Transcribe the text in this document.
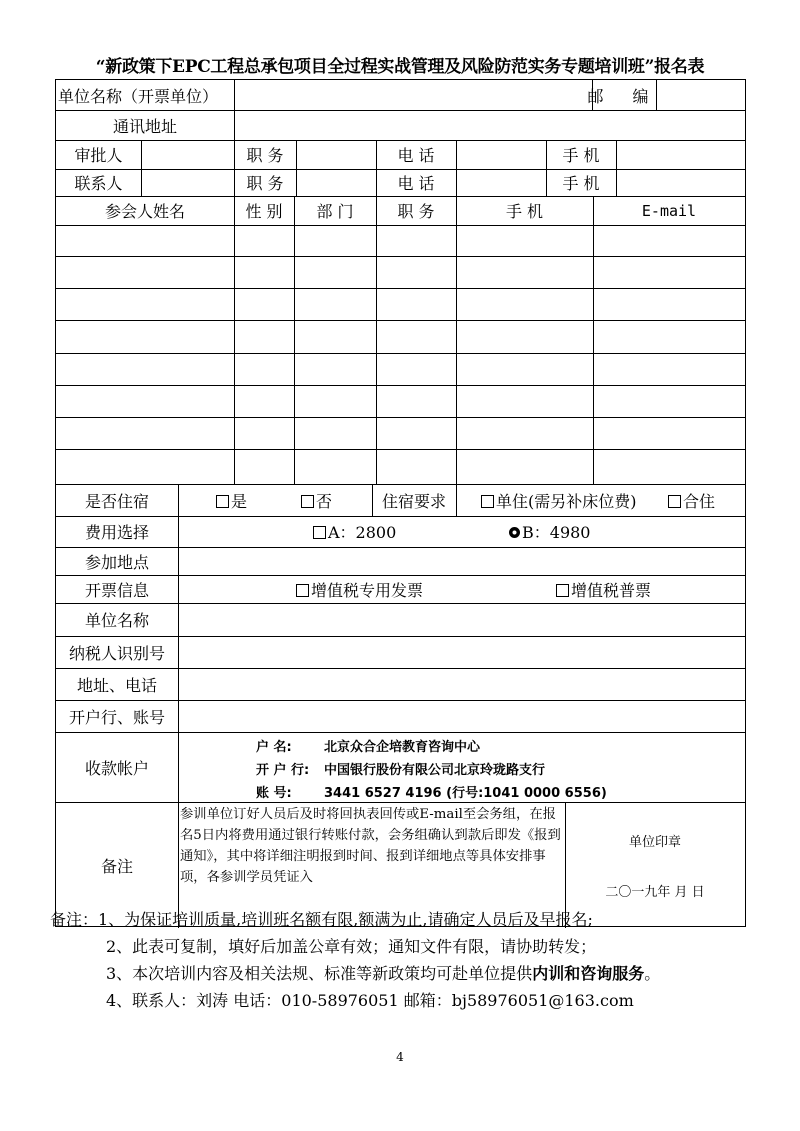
“新政策下EPC工程总承包项目全过程实战管理及风险防范实务专题培训班”报名表
单位名称（开票单位）	邮 编
通讯地址
审批人	职 务	电 话	手 机
联系人	职 务	电 话	手 机
参会人姓名	性 别	部 门	职 务	手 机	E-mail
是否住宿	是	否	住宿要求	单住(需另补床位费)	合住
费用选择	A：2800	B：4980
参加地点
开票信息	增值税专用发票	增值税普票
单位名称
纳税人识别号
地址、电话
开户行、账号
收款帐户
户 名: 北京众合企培教育咨询中心
开 户 行: 中国银行股份有限公司北京玲珑路支行
账 号: 3441 6527 4196 (行号:1041 0000 6556)
备注
参训单位订好人员后及时将回执表回传或E-mail至会务组，在报名5日内将费用通过银行转账付款，会务组确认到款后即发《报到通知》，其中将详细注明报到时间、报到详细地点等具体安排事项，各参训学员凭证入
单位印章
二〇一九年 月 日
备注：1、为保证培训质量,培训班名额有限,额满为止,请确定人员后及早报名;
2、此表可复制，填好后加盖公章有效；通知文件有限，请协助转发；
3、本次培训内容及相关法规、标准等新政策均可赴单位提供内训和咨询服务。
4、联系人：刘涛 电话：010-58976051 邮箱：bj58976051@163.com
4
